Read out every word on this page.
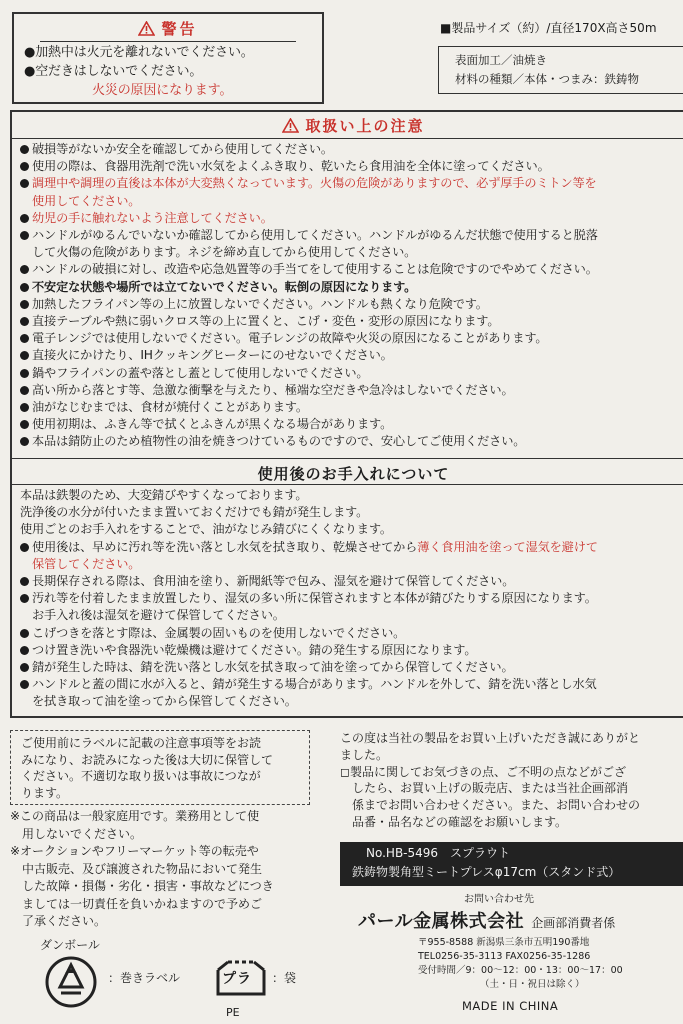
警告
●加熱中は火元を離れないでください。
●空だきはしないでください。
火災の原因になります。
■製品サイズ（約）/直径170X高さ50m
表面加工／油焼き
材料の種類／本体・つまみ：鉄鋳物
取扱い上の注意
破損等がないか安全を確認してから使用してください。
使用の際は、食器用洗剤で洗い水気をよくふき取り、乾いたら食用油を全体に塗ってください。
調理中や調理の直後は本体が大変熱くなっています。火傷の危険がありますので、必ず厚手のミトン等を
使用してください。
幼児の手に触れないよう注意してください。
ハンドルがゆるんでいないか確認してから使用してください。ハンドルがゆるんだ状態で使用すると脱落
して火傷の危険があります。ネジを締め直してから使用してください。
ハンドルの破損に対し、改造や応急処置等の手当てをして使用することは危険ですのでやめてください。
不安定な状態や場所では立てないでください。転倒の原因になります。
加熱したフライパン等の上に放置しないでください。ハンドルも熱くなり危険です。
直接テーブルや熱に弱いクロス等の上に置くと、こげ・変色・変形の原因になります。
電子レンジでは使用しないでください。電子レンジの故障や火災の原因になることがあります。
直接火にかけたり、IHクッキングヒーターにのせないでください。
鍋やフライパンの蓋や落とし蓋として使用しないでください。
高い所から落とす等、急激な衝撃を与えたり、極端な空だきや急冷はしないでください。
油がなじむまでは、食材が焼付くことがあります。
使用初期は、ふきん等で拭くとふきんが黒くなる場合があります。
本品は錆防止のため植物性の油を焼きつけているものですので、安心してご使用ください。
使用後のお手入れについて
本品は鉄製のため、大変錆びやすくなっております。
洗浄後の水分が付いたまま置いておくだけでも錆が発生します。
使用ごとのお手入れをすることで、油がなじみ錆びにくくなります。
使用後は、早めに汚れ等を洗い落とし水気を拭き取り、乾燥させてから薄く食用油を塗って湿気を避けて
保管してください。
長期保存される際は、食用油を塗り、新聞紙等で包み、湿気を避けて保管してください。
汚れ等を付着したまま放置したり、湿気の多い所に保管されますと本体が錆びたりする原因になります。
お手入れ後は湿気を避けて保管してください。
こげつきを落とす際は、金属製の固いものを使用しないでください。
つけ置き洗いや食器洗い乾燥機は避けてください。錆の発生する原因になります。
錆が発生した時は、錆を洗い落とし水気を拭き取って油を塗ってから保管してください。
ハンドルと蓋の間に水が入ると、錆が発生する場合があります。ハンドルを外して、錆を洗い落とし水気
を拭き取って油を塗ってから保管してください。
ご使用前にラベルに記載の注意事項等をお読
みになり、お読みになった後は大切に保管して
ください。不適切な取り扱いは事故につなが
ります。
※この商品は一般家庭用です。業務用として使
　用しないでください。
※オークションやフリーマーケット等の転売や
　中古販売、及び譲渡された物品において発生
　した故障・損傷・劣化・損害・事故などにつき
　ましては一切責任を負いかねますので予めご
　了承ください。
ダンボール
：巻きラベル	プラ
PE
：袋
この度は当社の製品をお買い上げいただき誠にありがと
ました。
◻製品に関してお気づきの点、ご不明の点などがござ
　したら、お買い上げの販売店、または当社企画部消
　係までお問い合わせください。また、お問い合わせの
　品番・品名などの確認をお願いします。
No.HB-5496　スプラウト
鉄鋳物製角型ミートプレスφ17cm（スタンド式）
お問い合わせ先
パール金属株式会社 企画部消費者係
〒955-8588 新潟県三条市五明190番地
TEL0256-35-3113 FAX0256-35-1286
受付時間／9：00～12：00・13：00～17：00
（土・日・祝日は除く）
MADE IN CHINA
